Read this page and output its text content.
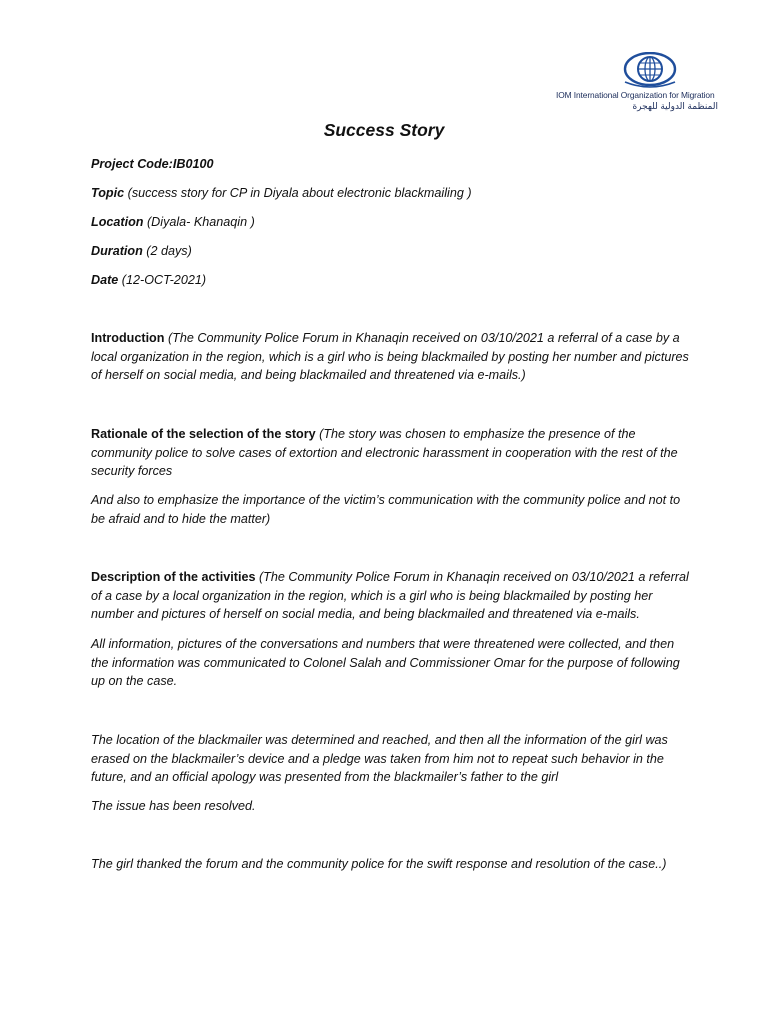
IOM International Organization for Migration
المنظمة الدولية للهجرة
Success Story
Project Code:IB0100
Topic (success story for CP in Diyala about electronic blackmailing )
Location (Diyala- Khanaqin )
Duration (2 days)
Date (12-OCT-2021)
Introduction (The Community Police Forum in Khanaqin received on 03/10/2021 a referral of a case by a local organization in the region, which is a girl who is being blackmailed by posting her number and pictures of herself on social media, and being blackmailed and threatened via e-mails.)
Rationale of the selection of the story (The story was chosen to emphasize the presence of the community police to solve cases of extortion and electronic harassment in cooperation with the rest of the security forces
And also to emphasize the importance of the victim’s communication with the community police and not to be afraid and to hide the matter)
Description of the activities (The Community Police Forum in Khanaqin received on 03/10/2021 a referral of a case by a local organization in the region, which is a girl who is being blackmailed by posting her number and pictures of herself on social media, and being blackmailed and threatened via e-mails.
All information, pictures of the conversations and numbers that were threatened were collected, and then the information was communicated to Colonel Salah and Commissioner Omar for the purpose of following up on the case.
The location of the blackmailer was determined and reached, and then all the information of the girl was erased on the blackmailer’s device and a pledge was taken from him not to repeat such behavior in the future, and an official apology was presented from the blackmailer’s father to the girl
The issue has been resolved.
The girl thanked the forum and the community police for the swift response and resolution of the case..)
